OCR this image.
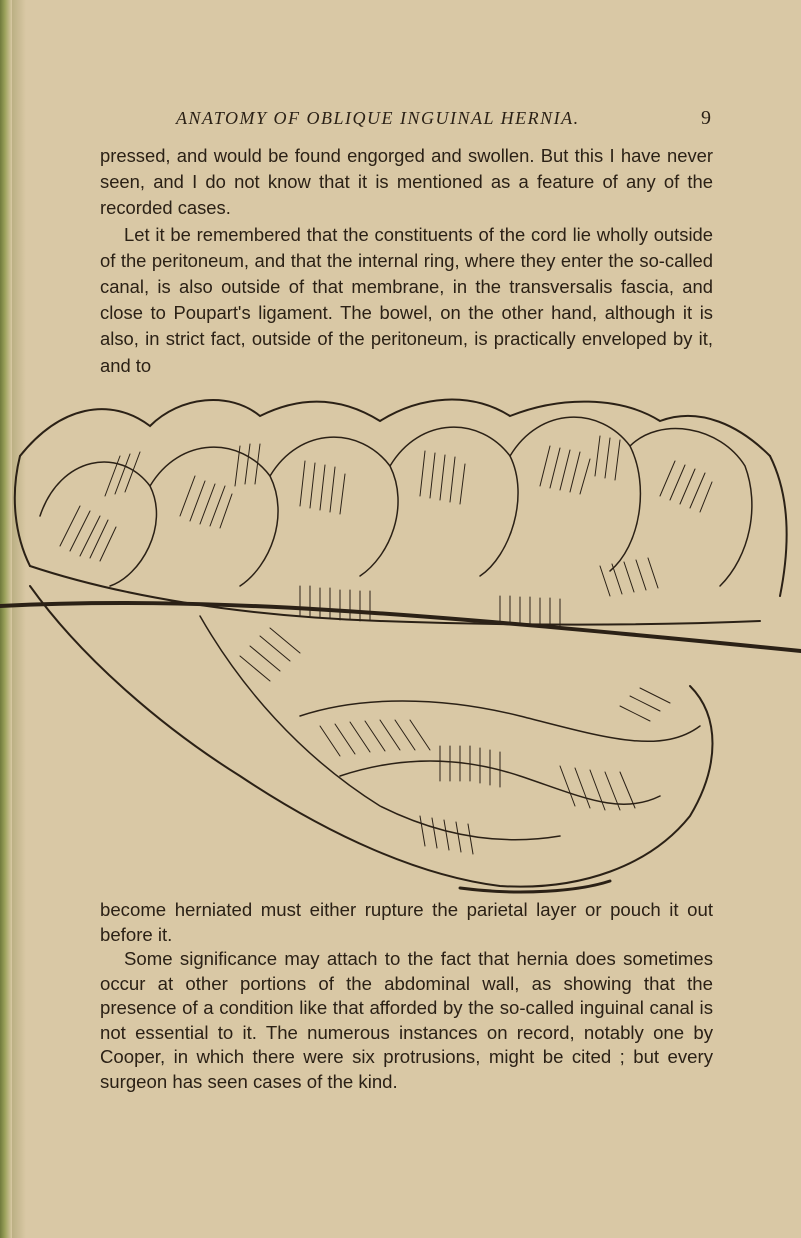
ANATOMY OF OBLIQUE INGUINAL HERNIA.	9

pressed, and would be found engorged and swollen. But this I have never seen, and I do not know that it is mentioned as a feature of any of the recorded cases.

Let it be remembered that the constituents of the cord lie wholly outside of the peritoneum, and that the internal ring, where they enter the so-called canal, is also outside of that membrane, in the transversalis fascia, and close to Poupart's ligament. The bowel, on the other hand, although it is also, in strict fact, outside of the peritoneum, is practically enveloped by it, and to

become herniated must either rupture the parietal layer or pouch it out before it.

Some significance may attach to the fact that hernia does sometimes occur at other portions of the abdominal wall, as showing that the presence of a condition like that afforded by the so-called inguinal canal is not essential to it. The numerous instances on record, notably one by Cooper, in which there were six protrusions, might be cited ; but every surgeon has seen cases of the kind.
